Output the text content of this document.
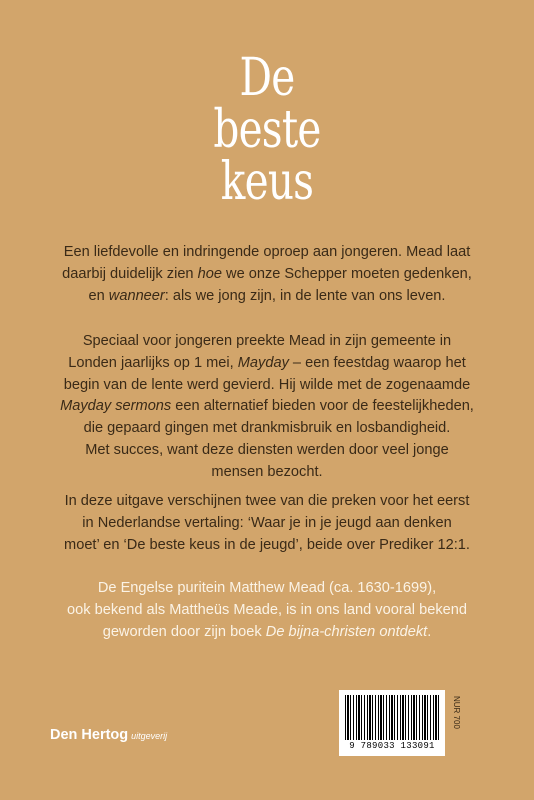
De
beste
keus
Een liefdevolle en indringende oproep aan jongeren. Mead laat
daarbij duidelijk zien hoe we onze Schepper moeten gedenken,
en wanneer: als we jong zijn, in de lente van ons leven.
Speciaal voor jongeren preekte Mead in zijn gemeente in
Londen jaarlijks op 1 mei, Mayday – een feestdag waarop het
begin van de lente werd gevierd. Hij wilde met de zogenaamde
Mayday sermons een alternatief bieden voor de feestelijkheden,
die gepaard gingen met drankmisbruik en losbandigheid.
Met succes, want deze diensten werden door veel jonge
mensen bezocht.
In deze uitgave verschijnen twee van die preken voor het eerst
in Nederlandse vertaling: ‘Waar je in je jeugd aan denken
moet’ en ‘De beste keus in de jeugd’, beide over Prediker 12:1.
De Engelse puritein Matthew Mead (ca. 1630-1699),
ook bekend als Mattheüs Meade, is in ons land vooral bekend
geworden door zijn boek De bijna-christen ontdekt.
Den Hertog uitgeverij
9 789033 133091
NUR 700
